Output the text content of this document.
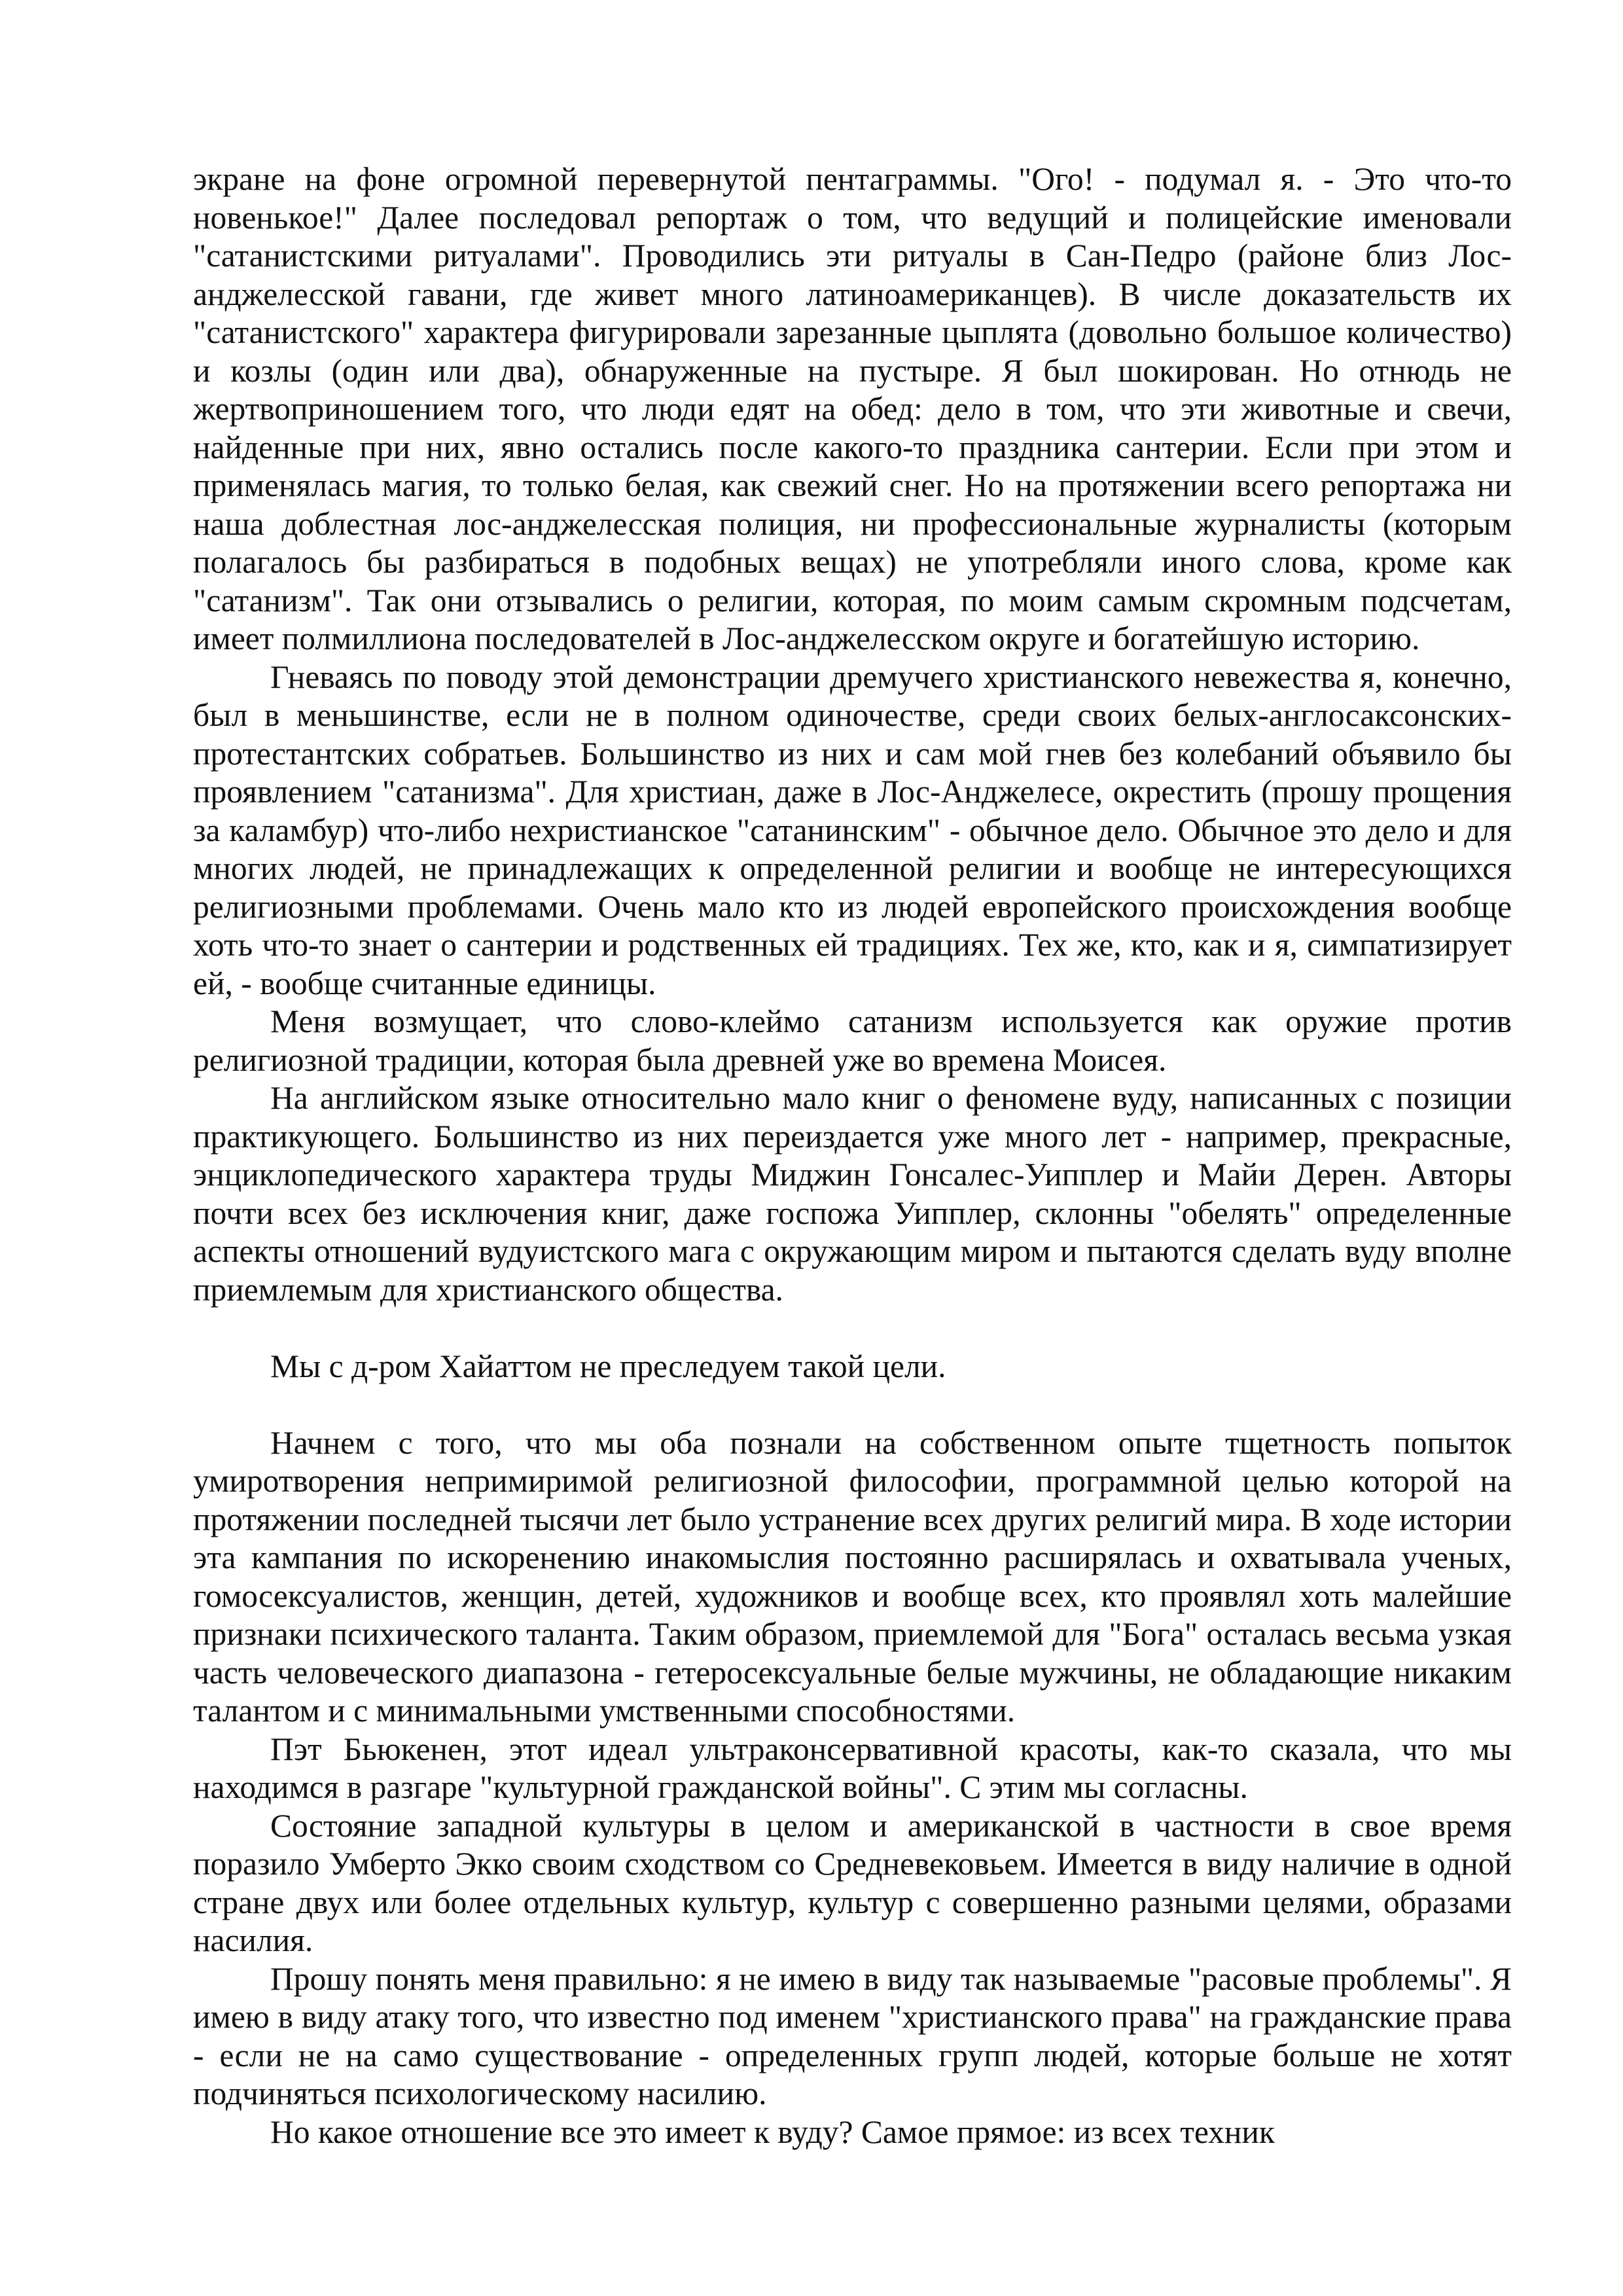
экране на фоне огромной перевернутой пентаграммы. "Ого! - подумал я. - Это что-то новенькое!" Далее последовал репортаж о том, что ведущий и полицейские именовали "сатанистскими ритуалами". Проводились эти ритуалы в Сан-Педро (районе близ Лос-анджелесской гавани, где живет много латиноамериканцев). В числе доказательств их "сатанистского" характера фигурировали зарезанные цыплята (довольно большое количество) и козлы (один или два), обнаруженные на пустыре. Я был шокирован. Но отнюдь не жертвоприношением того, что люди едят на обед: дело в том, что эти животные и свечи, найденные при них, явно остались после какого-то праздника сантерии. Если при этом и применялась магия, то только белая, как свежий снег. Но на протяжении всего репортажа ни наша доблестная лос-анджелесская полиция, ни профессиональные журналисты (которым полагалось бы разбираться в подобных вещах) не употребляли иного слова, кроме как "сатанизм". Так они отзывались о религии, которая, по моим самым скромным подсчетам, имеет полмиллиона последователей в Лос-анджелесском округе и богатейшую историю.

Гневаясь по поводу этой демонстрации дремучего христианского невежества я, конечно, был в меньшинстве, если не в полном одиночестве, среди своих белых-англосаксонских-протестантских собратьев. Большинство из них и сам мой гнев без колебаний объявило бы проявлением "сатанизма". Для христиан, даже в Лос-Анджелесе, окрестить (прошу прощения за каламбур) что-либо нехристианское "сатанинским" - обычное дело. Обычное это дело и для многих людей, не принадлежащих к определенной религии и вообще не интересующихся религиозными проблемами. Очень мало кто из людей европейского происхождения вообще хоть что-то знает о сантерии и родственных ей традициях. Тех же, кто, как и я, симпатизирует ей, - вообще считанные единицы.

Меня возмущает, что слово-клеймо сатанизм используется как оружие против религиозной традиции, которая была древней уже во времена Моисея.

На английском языке относительно мало книг о феномене вуду, написанных с позиции практикующего. Большинство из них переиздается уже много лет - например, прекрасные, энциклопедического характера труды Миджин Гонсалес-Уипплер и Майи Дерен. Авторы почти всех без исключения книг, даже госпожа Уипплер, склонны "обелять" определенные аспекты отношений вудуистского мага с окружающим миром и пытаются сделать вуду вполне приемлемым для христианского общества.

Мы с д-ром Хайаттом не преследуем такой цели.

Начнем с того, что мы оба познали на собственном опыте тщетность попыток умиротворения непримиримой религиозной философии, программной целью которой на протяжении последней тысячи лет было устранение всех других религий мира. В ходе истории эта кампания по искоренению инакомыслия постоянно расширялась и охватывала ученых, гомосексуалистов, женщин, детей, художников и вообще всех, кто проявлял хоть малейшие признаки психического таланта. Таким образом, приемлемой для "Бога" осталась весьма узкая часть человеческого диапазона - гетеросексуальные белые мужчины, не обладающие никаким талантом и с минимальными умственными способностями.

Пэт Бьюкенен, этот идеал ультраконсервативной красоты, как-то сказала, что мы находимся в разгаре "культурной гражданской войны". С этим мы согласны.

Состояние западной культуры в целом и американской в частности в свое время поразило Умберто Экко своим сходством со Средневековьем. Имеется в виду наличие в одной стране двух или более отдельных культур, культур с совершенно разными целями, образами насилия.

Прошу понять меня правильно: я не имею в виду так называемые "расовые проблемы". Я имею в виду атаку того, что известно под именем "христианского права" на гражданские права - если не на само существование - определенных групп людей, которые больше не хотят подчиняться психологическому насилию.

Но какое отношение все это имеет к вуду? Самое прямое: из всех техник
